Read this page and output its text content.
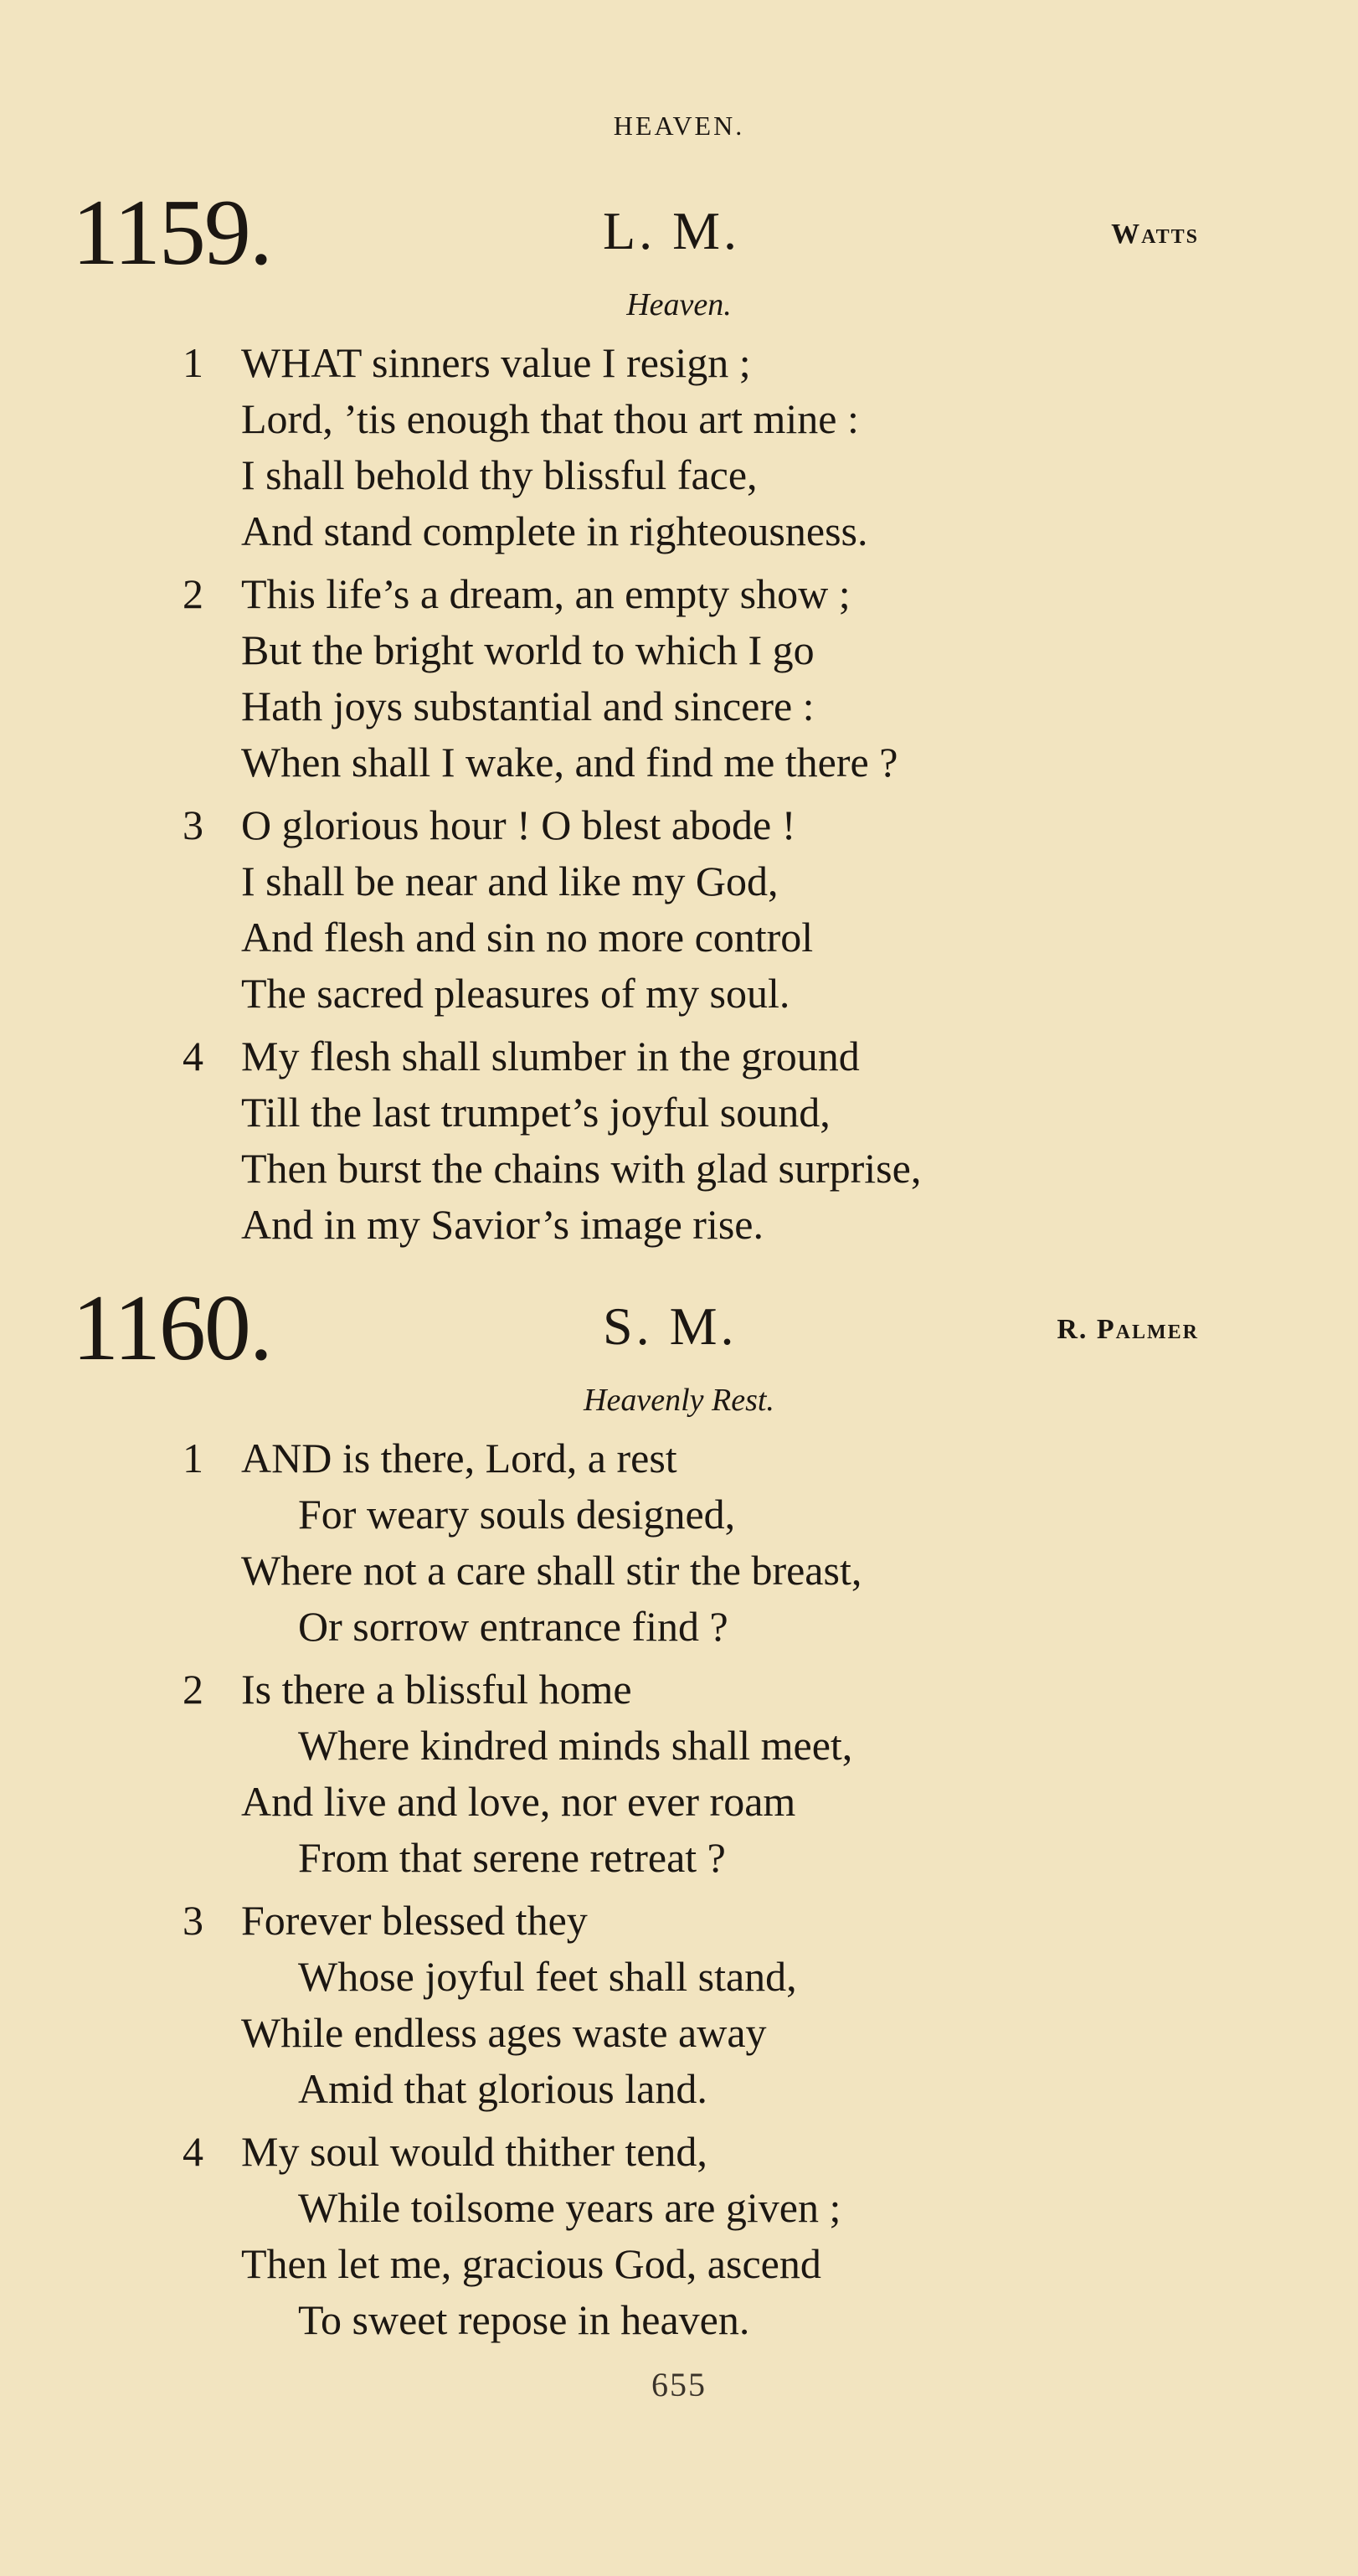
HEAVEN.
1159.	L. M.	Watts
Heaven.
1 WHAT sinners value I resign ;
Lord, ’tis enough that thou art mine :
I shall behold thy blissful face,
And stand complete in righteousness.
2 This life’s a dream, an empty show ;
But the bright world to which I go
Hath joys substantial and sincere :
When shall I wake, and find me there ?
3 O glorious hour ! O blest abode !
I shall be near and like my God,
And flesh and sin no more control
The sacred pleasures of my soul.
4 My flesh shall slumber in the ground
Till the last trumpet’s joyful sound,
Then burst the chains with glad surprise,
And in my Savior’s image rise.
1160.	S. M.	R. Palmer
Heavenly Rest.
1 AND is there, Lord, a rest
For weary souls designed,
Where not a care shall stir the breast,
Or sorrow entrance find ?
2 Is there a blissful home
Where kindred minds shall meet,
And live and love, nor ever roam
From that serene retreat ?
3 Forever blessed they
Whose joyful feet shall stand,
While endless ages waste away
Amid that glorious land.
4 My soul would thither tend,
While toilsome years are given ;
Then let me, gracious God, ascend
To sweet repose in heaven.
655
